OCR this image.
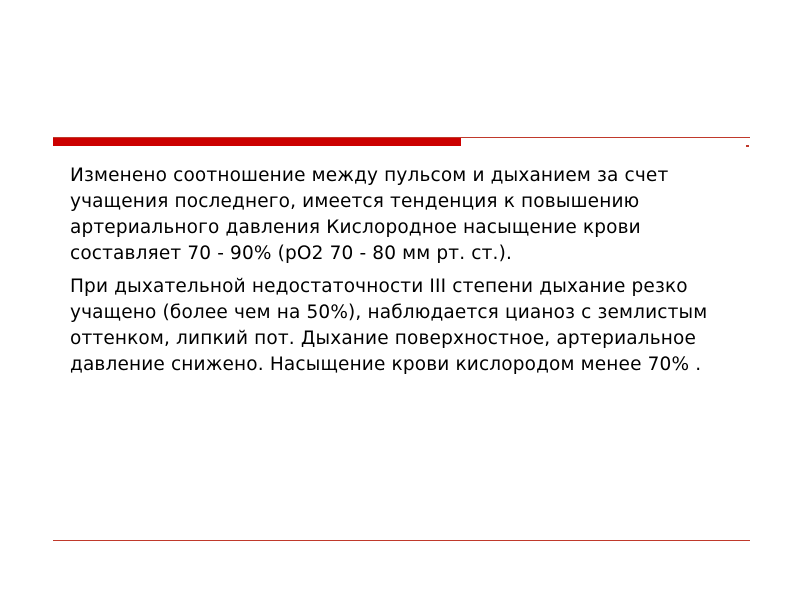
Изменено соотношение между пульсом и дыханием за счет учащения последнего, имеется тенденция к повышению артериального давления Кислородное насыщение крови составляет 70 - 90% (рО2 70 - 80 мм рт. ст.).

При дыхательной недостаточности III степени дыхание резко учащено (более чем на 50%), наблюдается цианоз с землистым оттенком, липкий пот. Дыхание поверхностное, артериальное давление снижено. Насыщение крови кислородом менее 70% .
